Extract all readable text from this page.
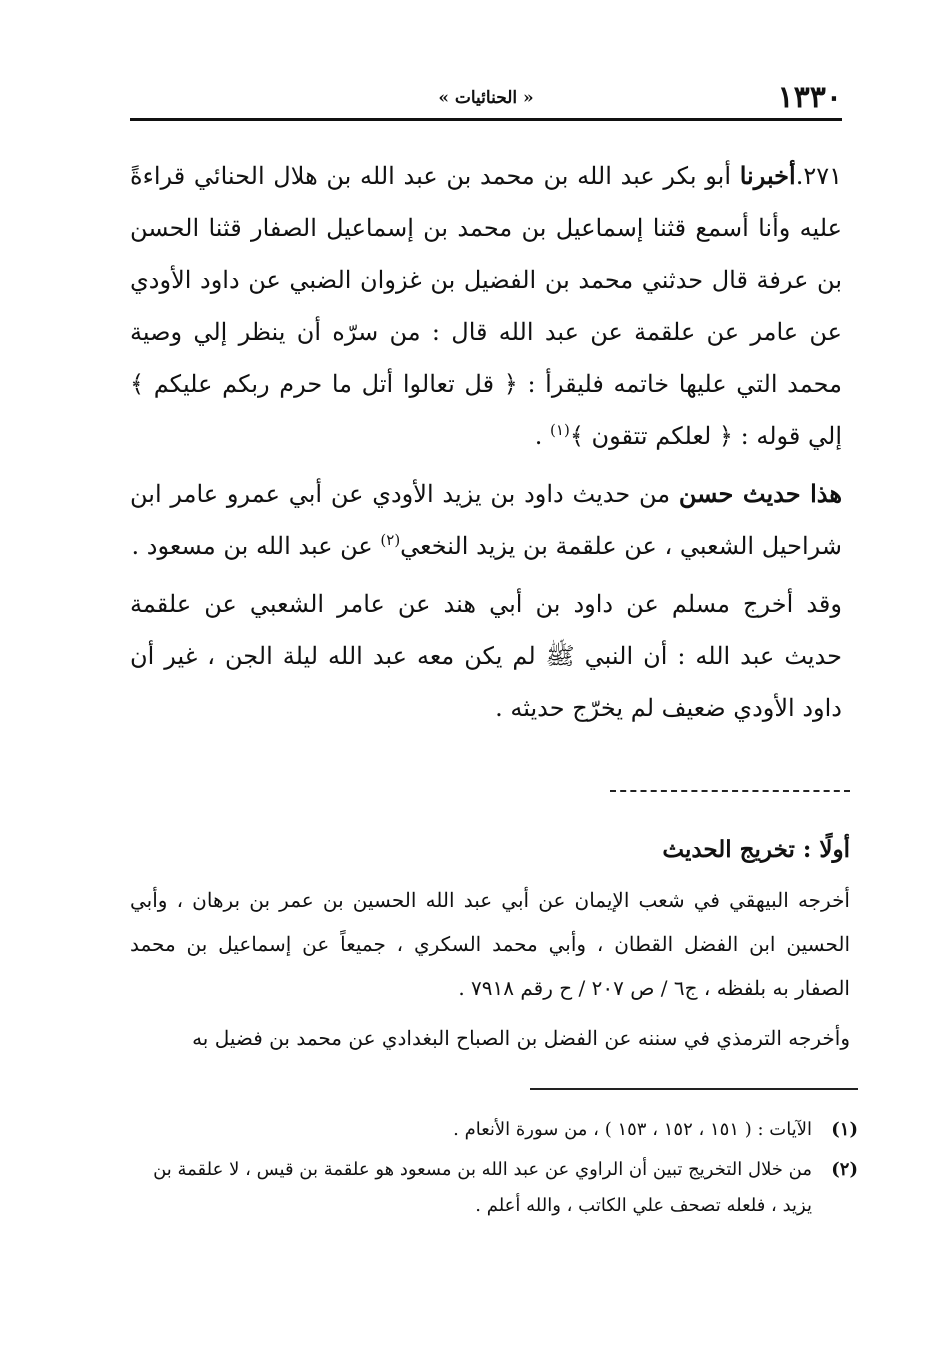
١٣٣٠
« الحنائيات »

٢٧١.أخبرنا أبو بكر عبد الله بن محمد بن عبد الله بن هلال الحنائي قراءةً عليه وأنا أسمع قثنا إسماعيل بن محمد بن إسماعيل الصفار قثنا الحسن بن عرفة قال حدثني محمد بن الفضيل بن غزوان الضبي عن داود الأودي عن عامر عن علقمة عن عبد الله قال : من سرّه أن ينظر إلي وصية محمد التي عليها خاتمه فليقرأ : ﴿ قل تعالوا أتل ما حرم ربكم عليكم ﴾ إلي قوله : ﴿ لعلكم تتقون ﴾$^{(١)}$ .

هذا حديث حسن من حديث داود بن يزيد الأودي عن أبي عمرو عامر ابن شراحيل الشعبي ، عن علقمة بن يزيد النخعي$^{(٢)}$ عن عبد الله بن مسعود .

وقد أخرج مسلم عن داود بن أبي هند عن عامر الشعبي عن علقمة حديث عبد الله : أن النبي ﷺ لم يكن معه عبد الله ليلة الجن ، غير أن داود الأودي ضعيف لم يخرّج حديثه .

أولًا : تخريج الحديث

أخرجه البيهقي في شعب الإيمان عن أبي عبد الله الحسين بن عمر بن برهان ، وأبي الحسين ابن الفضل القطان ، وأبي محمد السكري ، جميعاً عن إسماعيل بن محمد الصفار به بلفظه ، ج٦ / ص ٢٠٧ / ح رقم ٧٩١٨ .

وأخرجه الترمذي في سننه عن الفضل بن الصباح البغدادي عن محمد بن فضيل به

(١)
الآيات : ( ١٥١ ، ١٥٢ ، ١٥٣ ) ، من سورة الأنعام .
(٢)
من خلال التخريج تبين أن الراوي عن عبد الله بن مسعود هو علقمة بن قيس ، لا علقمة بن يزيد ، فلعله تصحف علي الكاتب ، والله أعلم .
